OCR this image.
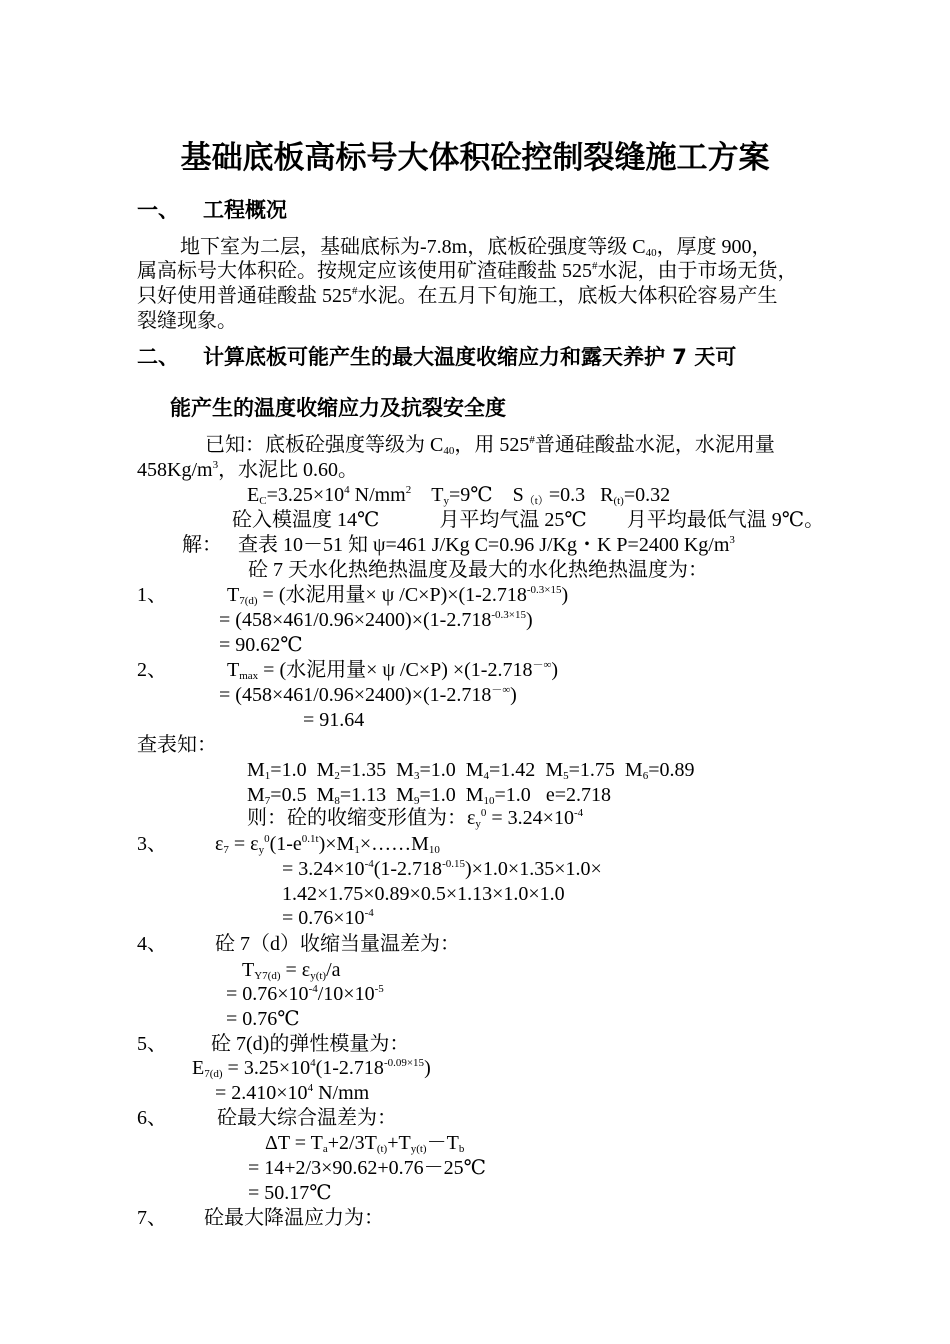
基础底板高标号大体积砼控制裂缝施工方案
一、 工程概况
地下室为二层，基础底标为-7.8m，底板砼强度等级 $C_{40}$，厚度 900，
属高标号大体积砼。按规定应该使用矿渣硅酸盐 525#水泥，由于市场无货，
只好使用普通硅酸盐 525#水泥。在五月下旬施工，底板大体积砼容易产生
裂缝现象。
二、 计算底板可能产生的最大温度收缩应力和露天养护 7 天可
能产生的温度收缩应力及抗裂安全度
已知：底板砼强度等级为 $C_{40}$，用 525#普通硅酸盐水泥，水泥用量
$458Kg/m^3$，水泥比 0.60。
$E_C=3.25\times 10^4$ $N/mm^2$ $T_y=9℃$ $S_{(t)}=0.3$ $R_{(t)}=0.32$
砼入模温度 14℃　　　月平均气温 25℃　　月平均最低气温 9℃。
解： 查表 10－51 知 ψ=461 J/Kg C=0.96 J/Kg・K P=2400 $Kg/m^3$
砼 7 天水化热绝热温度及最大的水化热绝热温度为：
1、	$T_{7(d)}$ = (水泥用量× ψ $/C\times P)\times(1-2.718^{-0.3\times 15})$
= $(458\times 461/0.96\times 2400)\times(1-2.718^{-0.3\times 15})$
= 90.62℃
2、	$T_{max}$ = (水泥用量× ψ /C×P) ×(1-2.718－∞)
= (458×461/0.96×2400)×(1-2.718－∞)
= 91.64
查表知：
$M_1=1.0$ $M_2=1.35$ $M_3=1.0$ $M_4=1.42$ $M_5=1.75$ $M_6=0.89$
$M_7=0.5$ $M_8=1.13$ $M_9=1.0$ $M_{10}=1.0$ e=2.718
则：砼的收缩变形值为：$\varepsilon_y^0 = 3.24\times 10^{-4}$
3、 $\varepsilon_7$ = $\varepsilon_y^0(1-e^{0.1t})\times M_1\times\dots\dots M_{10}$
= $3.24\times 10^{-4}(1-2.718^{-0.15})\times 1.0\times 1.35\times 1.0\times$
1.42×1.75×0.89×0.5×1.13×1.0×1.0
= $0.76\times 10^{-4}$
4、 砼 7（d）收缩当量温差为：
$T_{Y7(d)} = \varepsilon_{y(t)}/a$
= $0.76\times 10^{-4}/10\times 10^{-5}$
= 0.76℃
5、 砼 7(d)的弹性模量为：
$E_{7(d)} = 3.25\times 10^4(1-2.718^{-0.09\times 15})$
= $2.410\times 10^4$ N/mm
6、	砼最大综合温差为：
$\Delta T = T_a+2/3T_{(t)}+T_{y(t)}-T_b$
= 14+2/3×90.62+0.76－25℃
= 50.17℃
7、 砼最大降温应力为：
